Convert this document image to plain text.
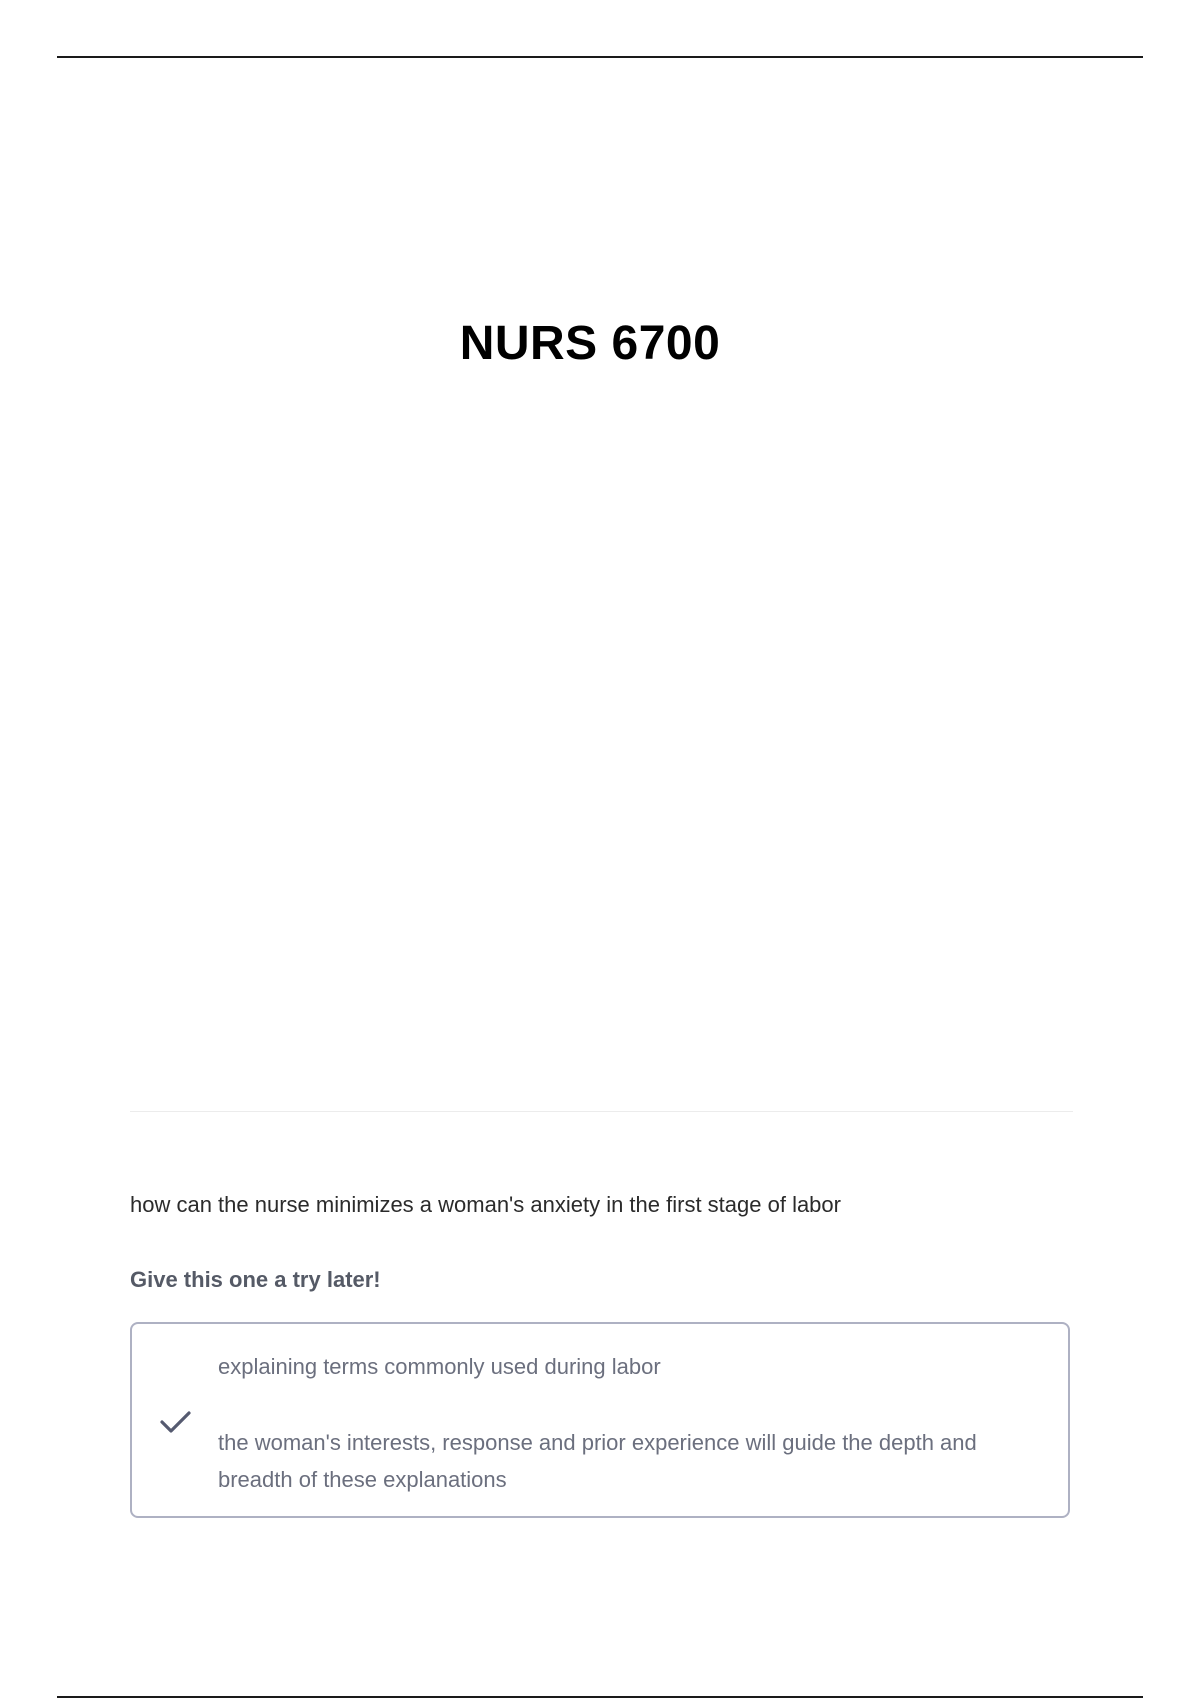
NURS 6700
how can the nurse minimizes a woman's anxiety in the first stage of labor
Give this one a try later!
explaining terms commonly used during labor
the woman's interests, response and prior experience will guide the depth and breadth of these explanations
